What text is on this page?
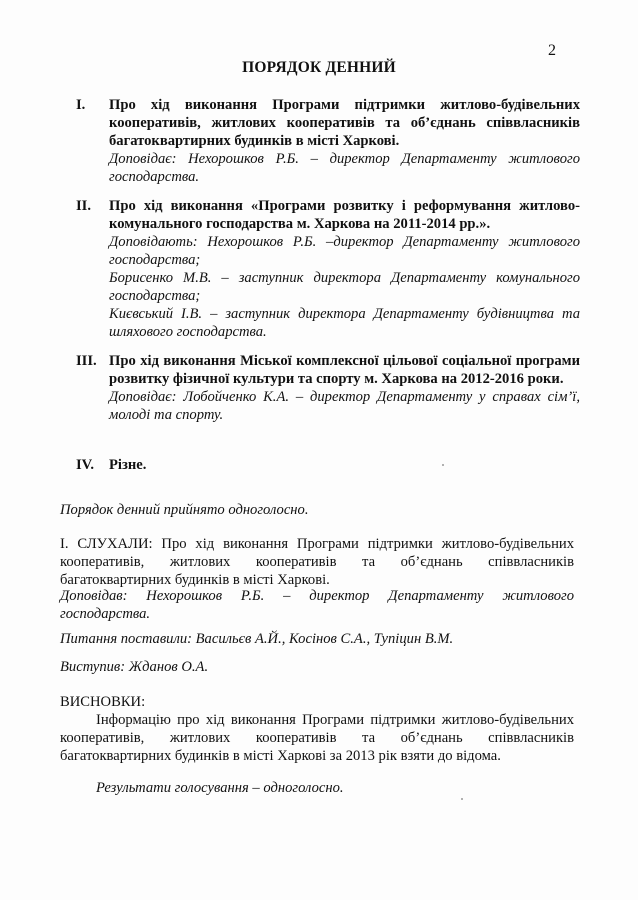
2
ПОРЯДОК ДЕННИЙ
I.	Про хід виконання Програми підтримки житлово-будівельних кооперативів, житлових кооперативів та об’єднань співвласників багатоквартирних будинків в місті Харкові.
Доповідає: Нехорошков Р.Б. – директор Департаменту житлового господарства.
II.	Про хід виконання «Програми розвитку і реформування житлово-комунального господарства м. Харкова на 2011-2014 рр.».
Доповідають: Нехорошков Р.Б. –директор Департаменту житлового господарства;
Борисенко М.В. – заступник директора Департаменту комунального господарства;
Києвський І.В. – заступник директора Департаменту будівництва та шляхового господарства.
III. Про хід виконання Міської комплексної цільової соціальної програми розвитку фізичної культури та спорту м. Харкова на 2012-2016 роки.
Доповідає: Лобойченко К.А. – директор Департаменту у справах сім’ї, молоді та спорту.
IV.	Різне.
Порядок денний прийнято одноголосно.
І. СЛУХАЛИ: Про хід виконання Програми підтримки житлово-будівельних кооперативів, житлових кооперативів та об’єднань співвласників багатоквартирних будинків в місті Харкові.
Доповідав: Нехорошков Р.Б. – директор Департаменту житлового господарства.
Питання поставили: Васильєв А.Й., Косінов С.А., Тупіцин В.М.
Виступив: Жданов О.А.
ВИСНОВКИ:
Інформацію про хід виконання Програми підтримки житлово-будівельних кооперативів, житлових кооперативів та об’єднань співвласників багатоквартирних будинків в місті Харкові за 2013 рік взяти до відома.
Результати голосування – одноголосно.
